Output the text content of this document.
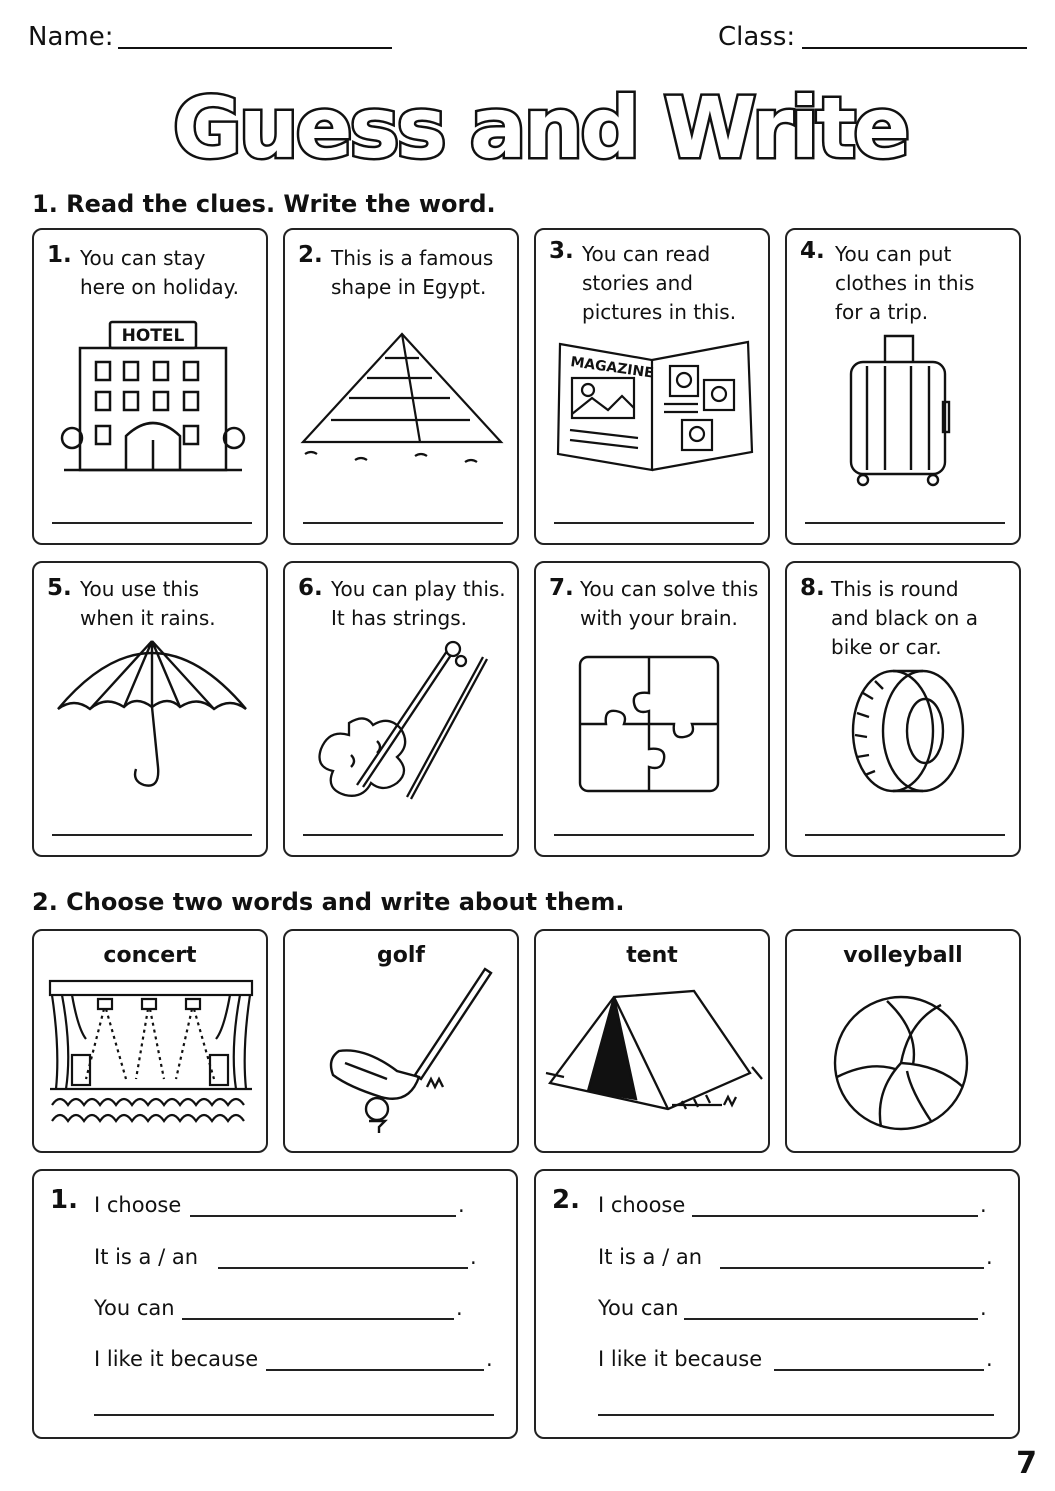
Name:	Class:
Guess and Write
1. Read the clues. Write the word.
1. You can stay
here on holiday.
HOTEL
2. This is a famous
shape in Egypt.
3. You can read
stories and
pictures in this.
MAGAZINE
4. You can put
clothes in this
for a trip.
5. You use this
when it rains.
6. You can play this.
It has strings.
7. You can solve this
with your brain.
8. This is round
and black on a
bike or car.
2. Choose two words and write about them.
concert	golf	tent	volleyball
1. I choose	.
It is a / an	.
You can	.
I like it because	.
2. I choose	.
It is a / an	.
You can	.
I like it because	.
7
